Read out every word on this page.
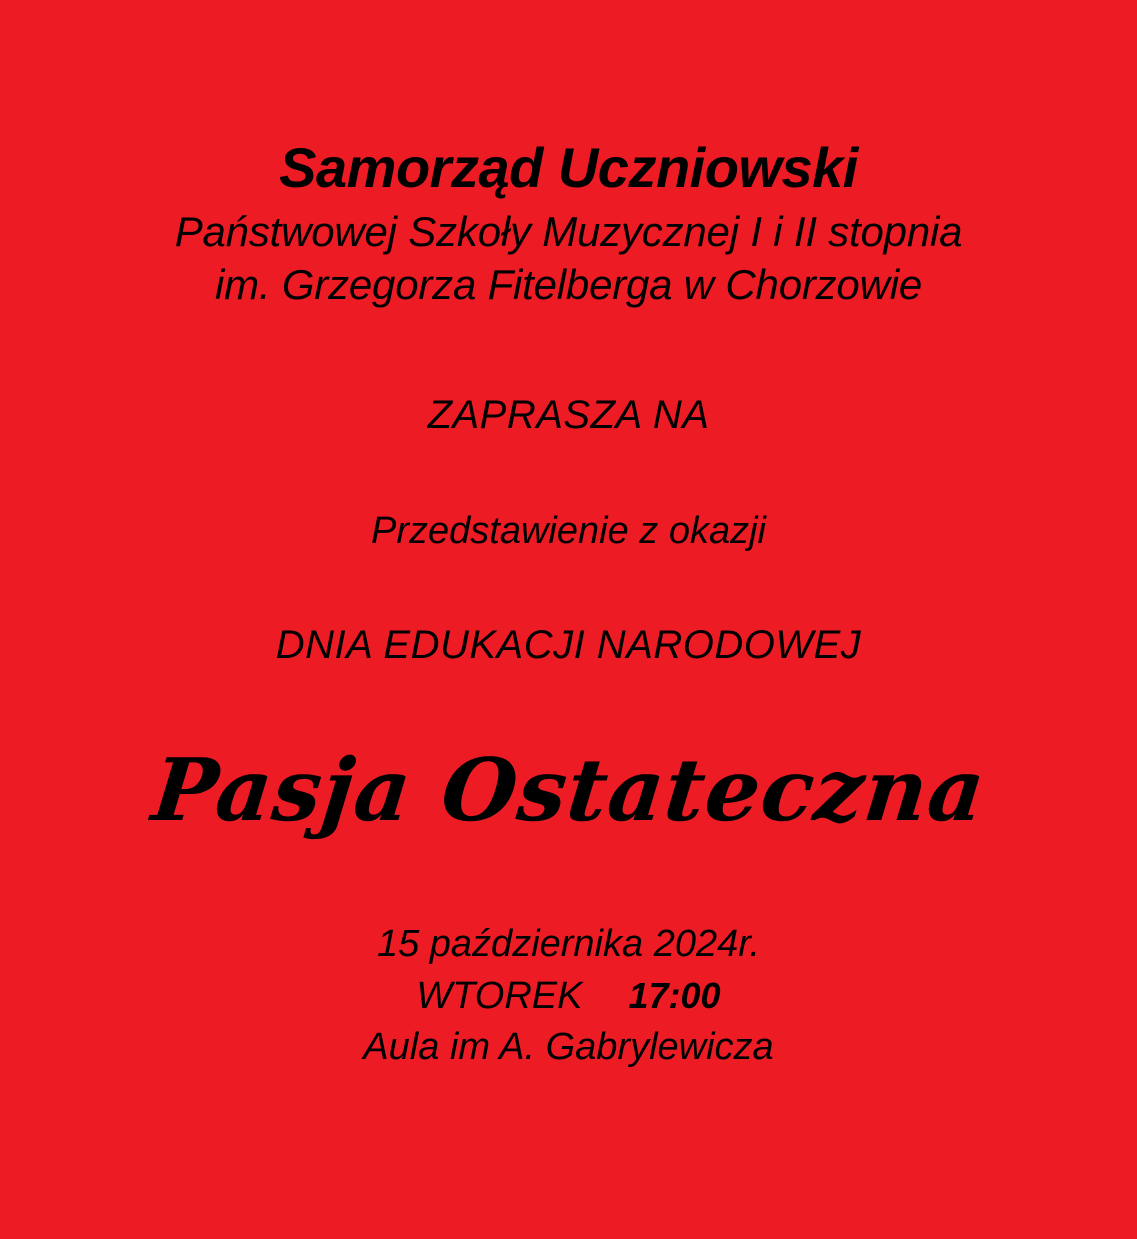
Samorząd Uczniowski

Państwowej Szkoły Muzycznej I i II stopnia

im. Grzegorza Fitelberga w Chorzowie

ZAPRASZA NA

Przedstawienie z okazji

DNIA EDUKACJI NARODOWEJ

Pasja Ostateczna

15 października 2024r.

WTOREK 17:00

Aula im A. Gabrylewicza
